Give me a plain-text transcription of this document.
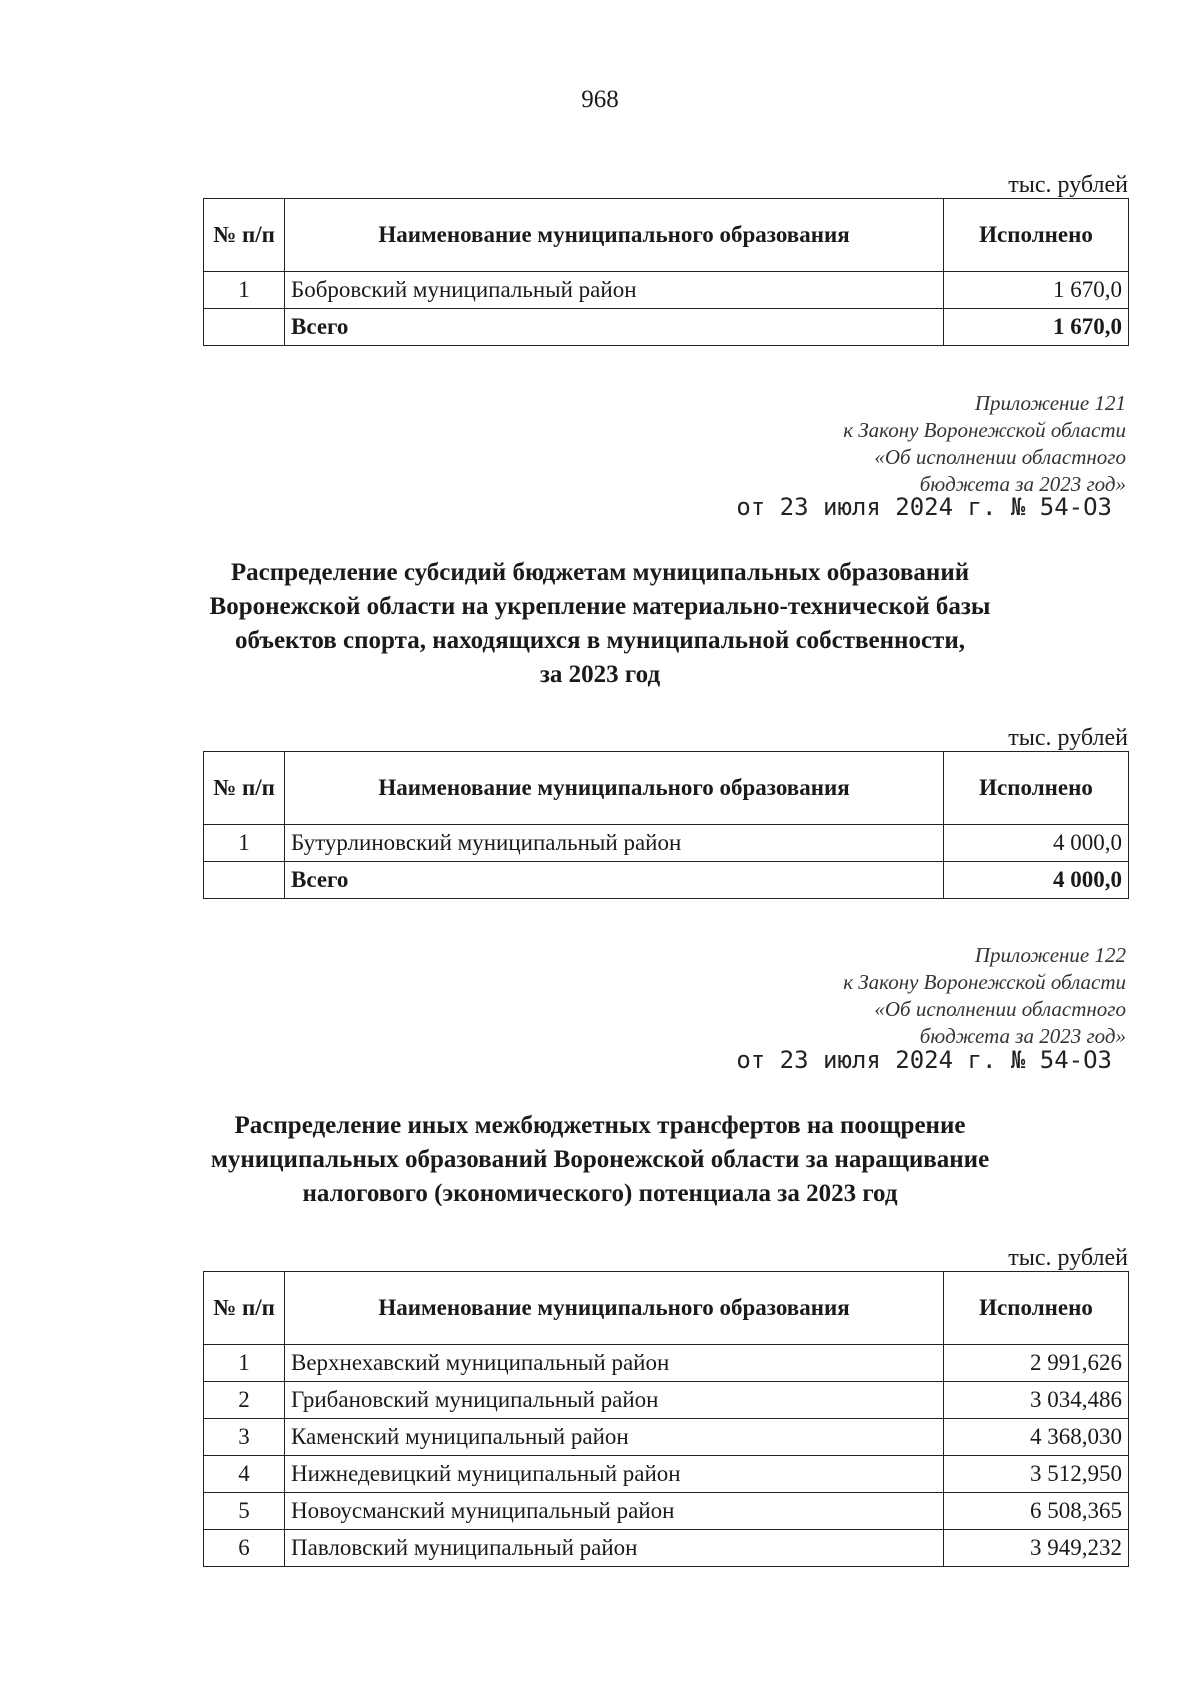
968
тыс. рублей
№ п/п	Наименование муниципального образования	Исполнено
1	Бобровский муниципальный район	1 670,0
	Всего	1 670,0
Приложение 121
к Закону Воронежской области
«Об исполнении областного
бюджета за 2023 год»
от 23 июля 2024 г. № 54-ОЗ
Распределение субсидий бюджетам муниципальных образований
Воронежской области на укрепление материально-технической базы
объектов спорта, находящихся в муниципальной собственности,
за 2023 год
тыс. рублей
№ п/п	Наименование муниципального образования	Исполнено
1	Бутурлиновский муниципальный район	4 000,0
	Всего	4 000,0
Приложение 122
к Закону Воронежской области
«Об исполнении областного
бюджета за 2023 год»
от 23 июля 2024 г. № 54-ОЗ
Распределение иных межбюджетных трансфертов на поощрение
муниципальных образований Воронежской области за наращивание
налогового (экономического) потенциала за 2023 год
тыс. рублей
№ п/п	Наименование муниципального образования	Исполнено
1	Верхнехавский муниципальный район	2 991,626
2	Грибановский муниципальный район	3 034,486
3	Каменский муниципальный район	4 368,030
4	Нижнедевицкий муниципальный район	3 512,950
5	Новоусманский муниципальный район	6 508,365
6	Павловский муниципальный район	3 949,232
